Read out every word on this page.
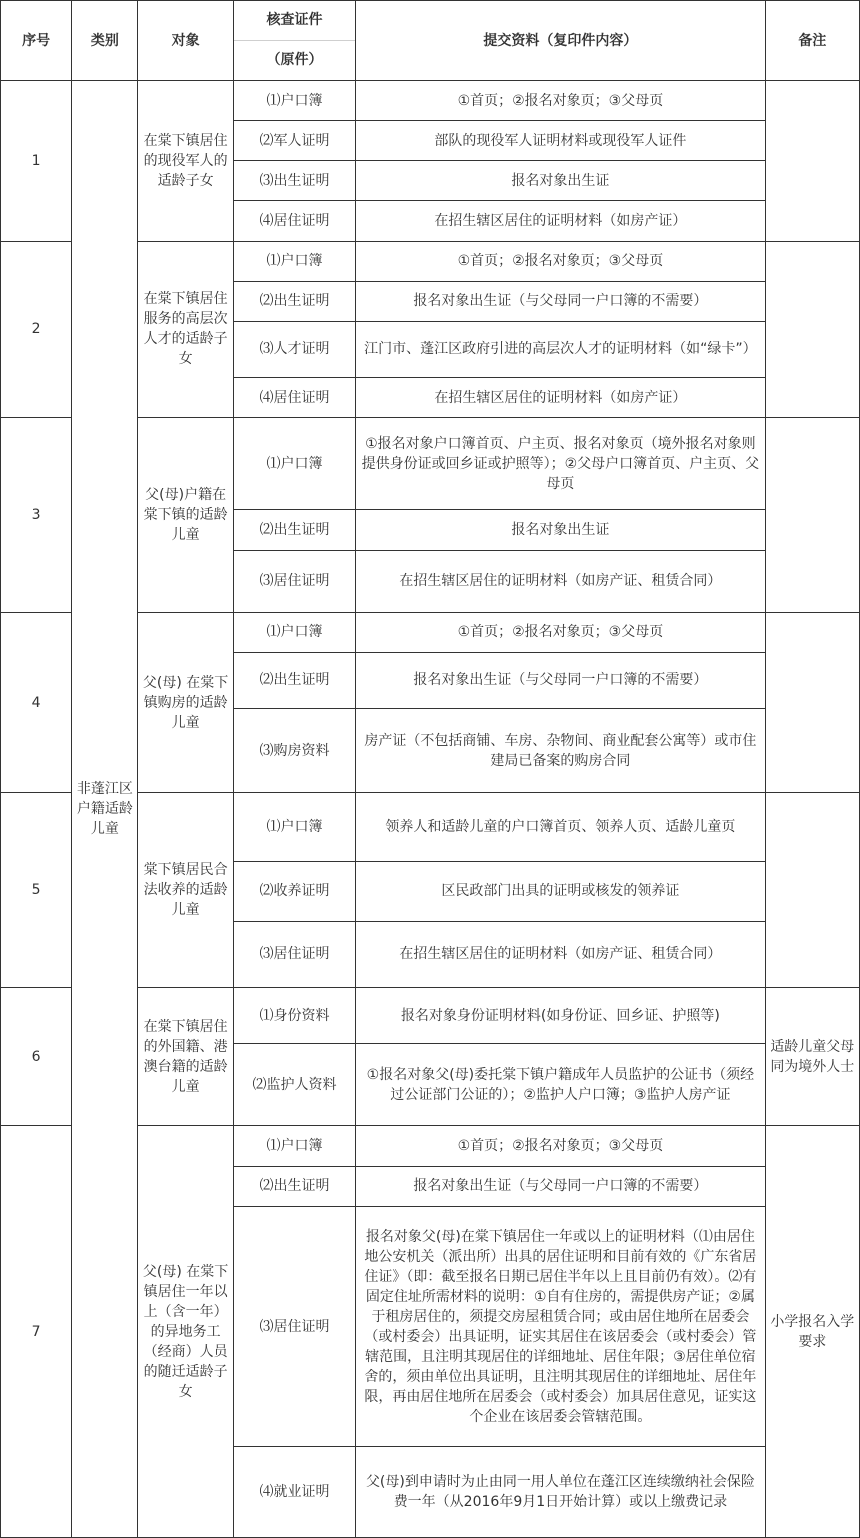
序号	类别	对象	核查证件
（原件）	提交资料（复印件内容）	备注
1	非蓬江区户籍适龄儿童	在棠下镇居住的现役军人的适龄子女	⑴户口簿	①首页；②报名对象页；③父母页	
			⑵军人证明	部队的现役军人证明材料或现役军人证件	
			⑶出生证明	报名对象出生证	
			⑷居住证明	在招生辖区居住的证明材料（如房产证）	
2		在棠下镇居住服务的高层次人才的适龄子女	⑴户口簿	①首页；②报名对象页；③父母页	
			⑵出生证明	报名对象出生证（与父母同一户口簿的不需要）	
			⑶人才证明	江门市、蓬江区政府引进的高层次人才的证明材料（如“绿卡”）	
			⑷居住证明	在招生辖区居住的证明材料（如房产证）	
3		父(母)户籍在棠下镇的适龄儿童	⑴户口簿	①报名对象户口簿首页、户主页、报名对象页（境外报名对象则提供身份证或回乡证或护照等）；②父母户口簿首页、户主页、父母页	
			⑵出生证明	报名对象出生证	
			⑶居住证明	在招生辖区居住的证明材料（如房产证、租赁合同）	
4		父(母) 在棠下镇购房的适龄儿童	⑴户口簿	①首页；②报名对象页；③父母页	
			⑵出生证明	报名对象出生证（与父母同一户口簿的不需要）	
			⑶购房资料	房产证（不包括商铺、车房、杂物间、商业配套公寓等）或市住建局已备案的购房合同	
5		棠下镇居民合法收养的适龄儿童	⑴户口簿	领养人和适龄儿童的户口簿首页、领养人页、适龄儿童页	
			⑵收养证明	区民政部门出具的证明或核发的领养证	
			⑶居住证明	在招生辖区居住的证明材料（如房产证、租赁合同）	
6		在棠下镇居住的外国籍、港澳台籍的适龄儿童	⑴身份资料	报名对象身份证明材料(如身份证、回乡证、护照等)	适龄儿童父母同为境外人士
			⑵监护人资料	①报名对象父(母)委托棠下镇户籍成年人员监护的公证书（须经过公证部门公证的）；②监护人户口簿；③监护人房产证	
7		父(母) 在棠下镇居住一年以上（含一年）的异地务工（经商）人员的随迁适龄子女	⑴户口簿	①首页；②报名对象页；③父母页	小学报名入学要求
			⑵出生证明	报名对象出生证（与父母同一户口簿的不需要）	
			⑶居住证明	报名对象父(母)在棠下镇居住一年或以上的证明材料（⑴由居住地公安机关（派出所）出具的居住证明和目前有效的《广东省居住证》（即：截至报名日期已居住半年以上且目前仍有效）。⑵有固定住址所需材料的说明：①自有住房的，需提供房产证；②属于租房居住的，须提交房屋租赁合同；或由居住地所在居委会（或村委会）出具证明，证实其居住在该居委会（或村委会）管辖范围，且注明其现居住的详细地址、居住年限；③居住单位宿舍的，须由单位出具证明，且注明其现居住的详细地址、居住年限，再由居住地所在居委会（或村委会）加具居住意见，证实这个企业在该居委会管辖范围。	
			⑷就业证明	父(母)到申请时为止由同一用人单位在蓬江区连续缴纳社会保险费一年（从2016年9月1日开始计算）或以上缴费记录	
